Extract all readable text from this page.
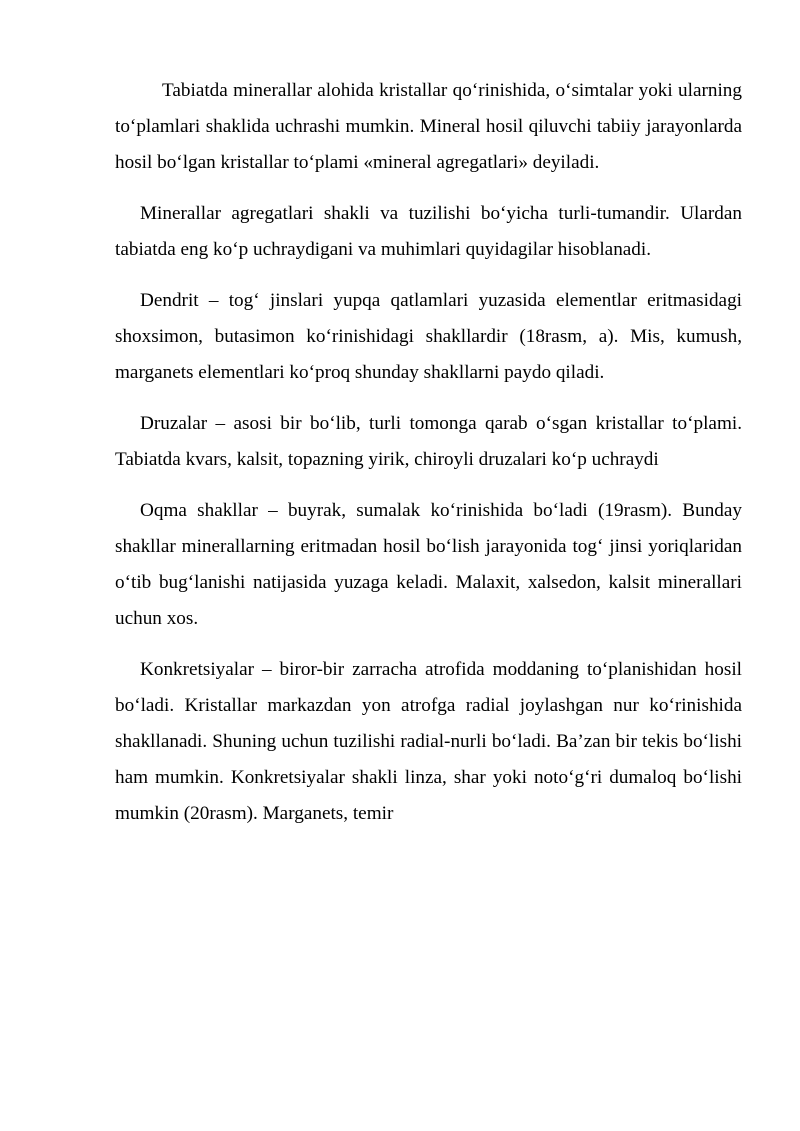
Tabiatda minerallar alohida kristallar qo‘rinishida, o‘simtalar yoki ularning to‘plamlari shaklida uchrashi mumkin. Mineral hosil qiluvchi tabiiy jarayonlarda hosil bo‘lgan kristallar to‘plami «mineral agregatlari» deyiladi.

Minerallar agregatlari shakli va tuzilishi bo‘yicha turli-tumandir. Ulardan tabiatda eng ko‘p uchraydigani va muhimlari quyidagilar hisoblanadi.

Dendrit – tog‘ jinslari yupqa qatlamlari yuzasida elementlar eritmasidagi shoxsimon, butasimon ko‘rinishidagi shakllardir (18rasm, a). Mis, kumush, marganets elementlari ko‘proq shunday shakllarni paydo qiladi.

Druzalar – asosi bir bo‘lib, turli tomonga qarab o‘sgan kristallar to‘plami. Tabiatda kvars, kalsit, topazning yirik, chiroyli druzalari ko‘p uchraydi

Oqma shakllar – buyrak, sumalak ko‘rinishida bo‘ladi (19rasm). Bunday shakllar minerallarning eritmadan hosil bo‘lish jarayonida tog‘ jinsi yoriqlaridan o‘tib bug‘lanishi natijasida yuzaga keladi. Malaxit, xalsedon, kalsit minerallari uchun xos.

Konkretsiyalar – biror-bir zarracha atrofida moddaning to‘planishidan hosil bo‘ladi. Kristallar markazdan yon atrofga radial joylashgan nur ko‘rinishida shakllanadi. Shuning uchun tuzilishi radial-nurli bo‘ladi. Ba’zan bir tekis bo‘lishi ham mumkin. Konkretsiyalar shakli linza, shar yoki noto‘g‘ri dumaloq bo‘lishi mumkin (20rasm). Marganets, temir
